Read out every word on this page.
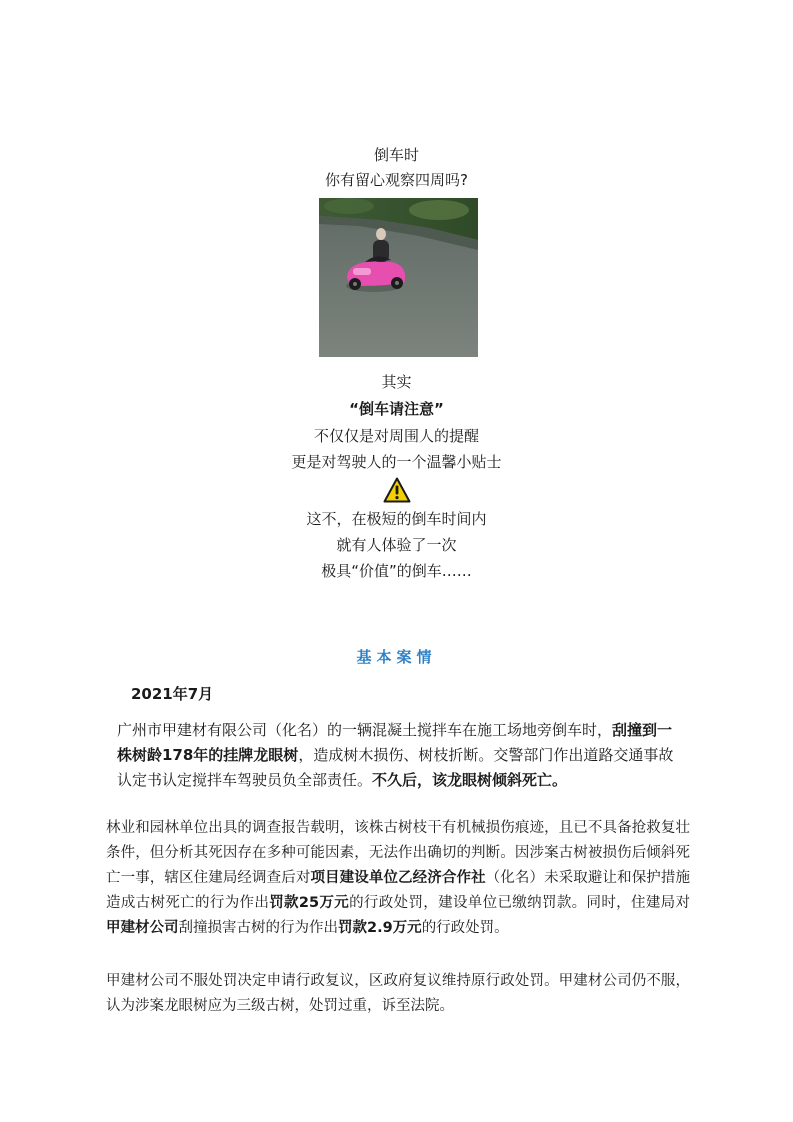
倒车时
你有留心观察四周吗?
其实
“倒车请注意”
不仅仅是对周围人的提醒
更是对驾驶人的一个温馨小贴士
这不，在极短的倒车时间内
就有人体验了一次
极具“价值”的倒车……
基本案情
2021年7月
广州市甲建材有限公司（化名）的一辆混凝土搅拌车在施工场地旁倒车时，刮撞到一株树龄178年的挂牌龙眼树，造成树木损伤、树枝折断。交警部门作出道路交通事故认定书认定搅拌车驾驶员负全部责任。不久后，该龙眼树倾斜死亡。
林业和园林单位出具的调查报告载明，该株古树枝干有机械损伤痕迹，且已不具备抢救复壮条件，但分析其死因存在多种可能因素，无法作出确切的判断。因涉案古树被损伤后倾斜死亡一事，辖区住建局经调查后对项目建设单位乙经济合作社（化名）未采取避让和保护措施造成古树死亡的行为作出罚款25万元的行政处罚，建设单位已缴纳罚款。同时，住建局对甲建材公司刮撞损害古树的行为作出罚款2.9万元的行政处罚。
甲建材公司不服处罚决定申请行政复议，区政府复议维持原行政处罚。甲建材公司仍不服，认为涉案龙眼树应为三级古树，处罚过重，诉至法院。
